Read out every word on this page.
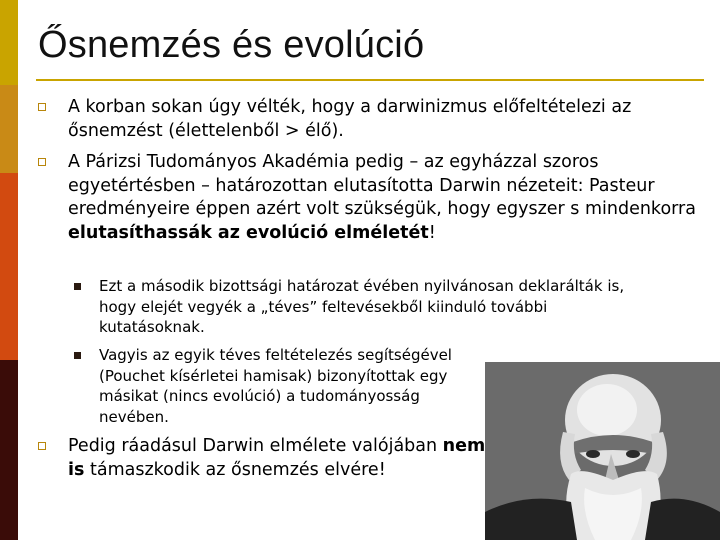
Ősnemzés és evolúció
A korban sokan úgy vélték, hogy a darwinizmus előfeltételezi az ősnemzést (élettelenből > élő).
A Párizsi Tudományos Akadémia pedig – az egyházzal szoros egyetértésben – határozottan elutasította Darwin nézeteit: Pasteur eredményeire éppen azért volt szükségük, hogy egyszer s mindenkorra elutasíthassák az evolúció elméletét!
Ezt a második bizottsági határozat évében nyilvánosan deklarálták is, hogy elejét vegyék a „téves” feltevésekből kiinduló további kutatásoknak.
Vagyis az egyik téves feltételezés segítségével (Pouchet kísérletei hamisak) bizonyítottak egy másikat (nincs evolúció) a tudományosság nevében.
Pedig ráadásul Darwin elmélete valójában nem is támaszkodik az ősnemzés elvére!
